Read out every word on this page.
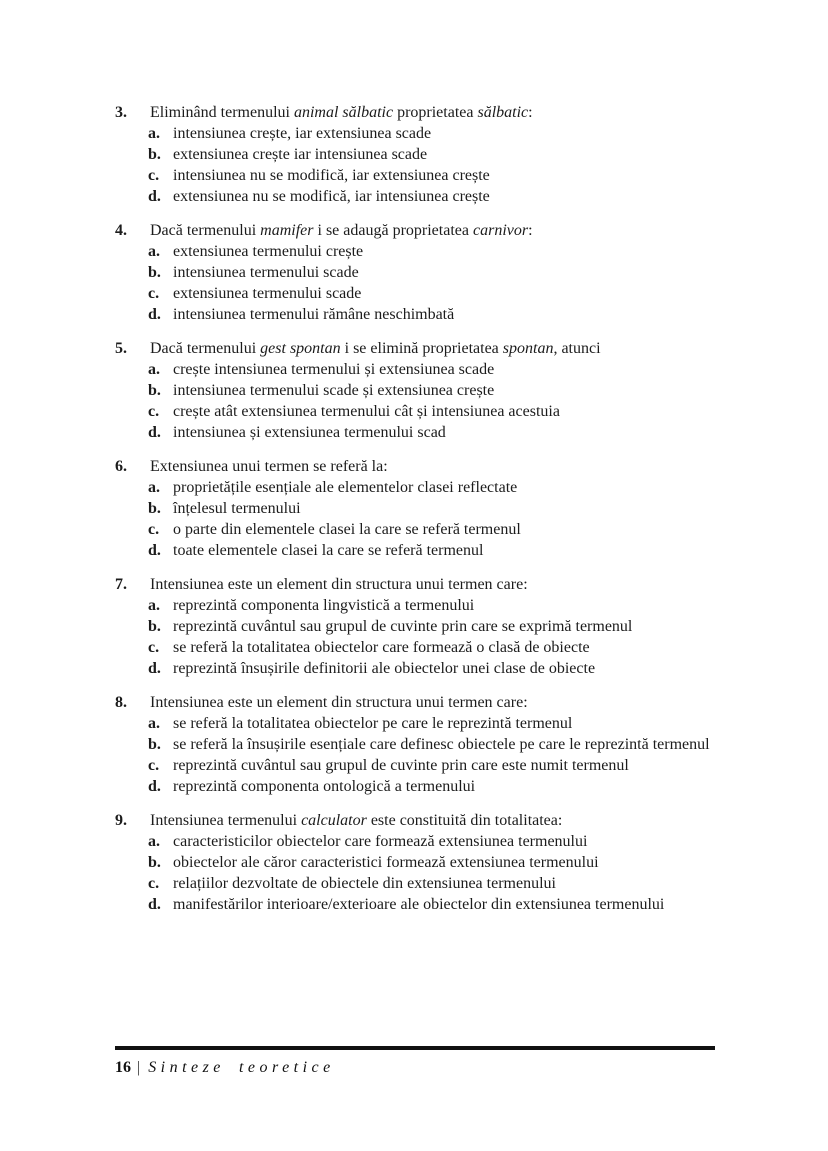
3.	Eliminând termenului animal sălbatic proprietatea sălbatic:
a. intensiunea crește, iar extensiunea scade
b. extensiunea crește iar intensiunea scade
c. intensiunea nu se modifică, iar extensiunea crește
d. extensiunea nu se modifică, iar intensiunea crește
4.	Dacă termenului mamifer i se adaugă proprietatea carnivor:
a. extensiunea termenului crește
b. intensiunea termenului scade
c. extensiunea termenului scade
d. intensiunea termenului rămâne neschimbată
5.	Dacă termenului gest spontan i se elimină proprietatea spontan, atunci
a. crește intensiunea termenului și extensiunea scade
b. intensiunea termenului scade și extensiunea crește
c. crește atât extensiunea termenului cât și intensiunea acestuia
d. intensiunea și extensiunea termenului scad
6.	Extensiunea unui termen se referă la:
a. proprietățile esențiale ale elementelor clasei reflectate
b. înțelesul termenului
c. o parte din elementele clasei la care se referă termenul
d. toate elementele clasei la care se referă termenul
7.	Intensiunea este un element din structura unui termen care:
a. reprezintă componenta lingvistică a termenului
b. reprezintă cuvântul sau grupul de cuvinte prin care se exprimă termenul
c. se referă la totalitatea obiectelor care formează o clasă de obiecte
d. reprezintă însușirile definitorii ale obiectelor unei clase de obiecte
8.	Intensiunea este un element din structura unui termen care:
a. se referă la totalitatea obiectelor pe care le reprezintă termenul
b. se referă la însușirile esențiale care definesc obiectele pe care le reprezintă termenul
c. reprezintă cuvântul sau grupul de cuvinte prin care este numit termenul
d. reprezintă componenta ontologică a termenului
9.	Intensiunea termenului calculator este constituită din totalitatea:
a. caracteristicilor obiectelor care formează extensiunea termenului
b. obiectelor ale căror caracteristici formează extensiunea termenului
c. relațiilor dezvoltate de obiectele din extensiunea termenului
d. manifestărilor interioare/exterioare ale obiectelor din extensiunea termenului
16 | Sinteze teoretice
